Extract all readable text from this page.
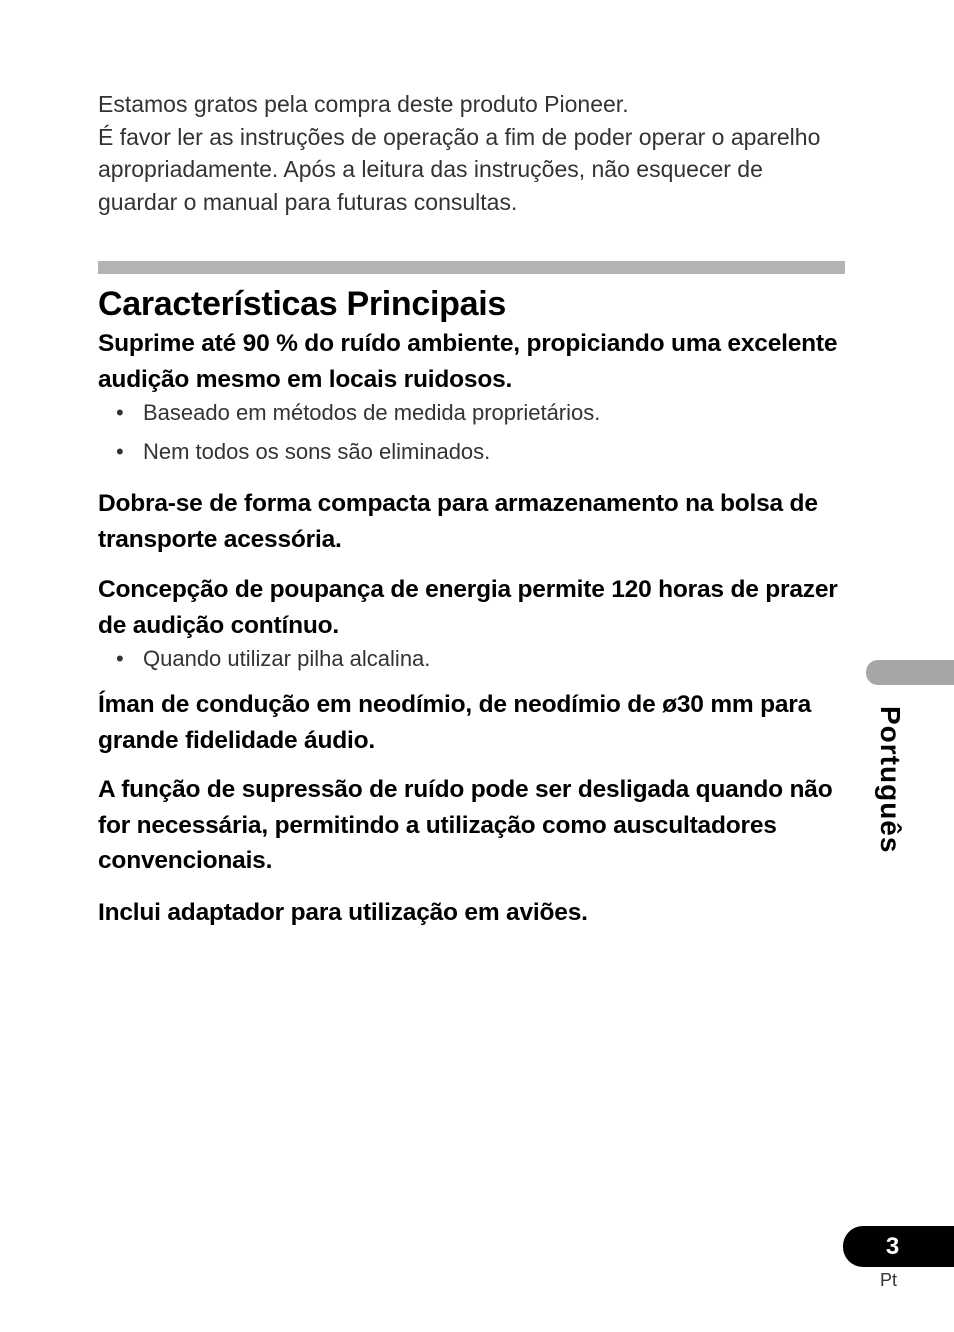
Estamos gratos pela compra deste produto Pioneer.

É favor ler as instruções de operação a fim de poder operar o aparelho apropriadamente. Após a leitura das instruções, não esquecer de guardar o manual para futuras consultas.

Características Principais

Suprime até 90 % do ruído ambiente, propiciando uma excelente audição mesmo em locais ruidosos.

• Baseado em métodos de medida proprietários.
• Nem todos os sons são eliminados.

Dobra-se de forma compacta para armazenamento na bolsa de transporte acessória.

Concepção de poupança de energia permite 120 horas de prazer de audição contínuo.

• Quando utilizar pilha alcalina.

Íman de condução em neodímio, de neodímio de ø30 mm para grande fidelidade áudio.

A função de supressão de ruído pode ser desligada quando não for necessária, permitindo a utilização como auscultadores convencionais.

Inclui adaptador para utilização em aviões.

Português
3
Pt
